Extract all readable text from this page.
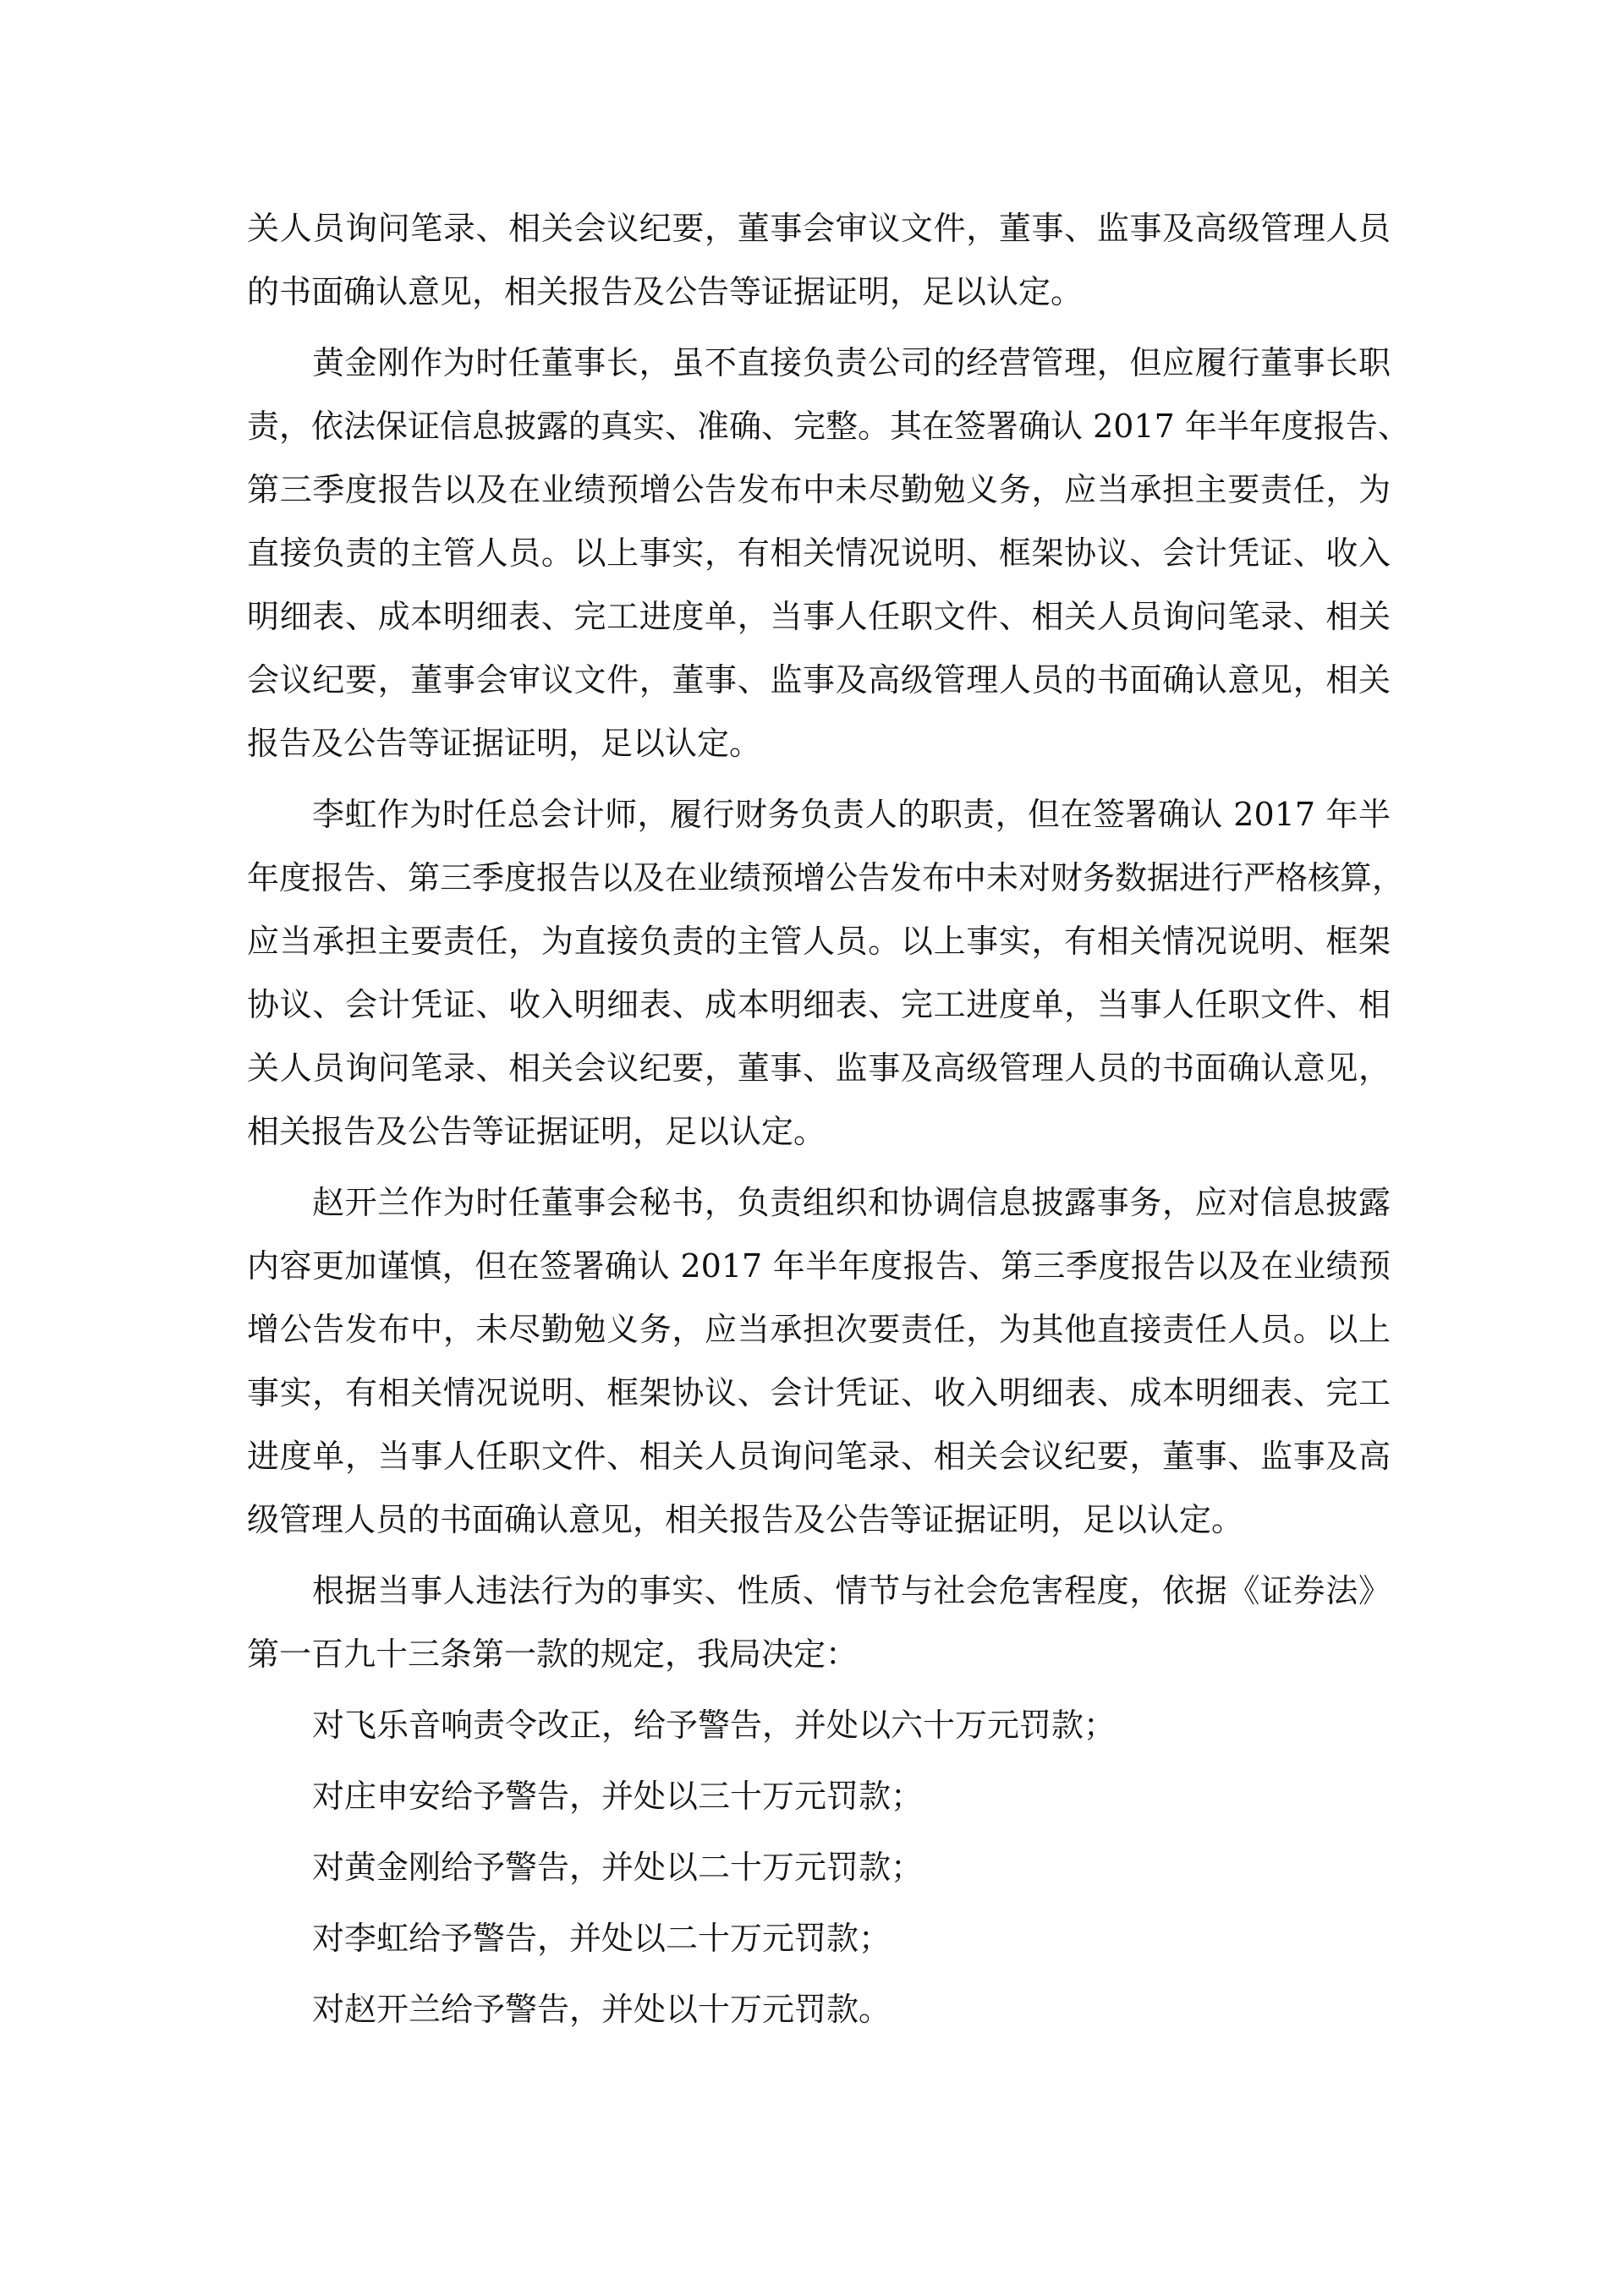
关人员询问笔录、相关会议纪要，董事会审议文件，董事、监事及高级管理人员
的书面确认意见，相关报告及公告等证据证明，足以认定。
黄金刚作为时任董事长，虽不直接负责公司的经营管理，但应履行董事长职
责，依法保证信息披露的真实、准确、完整。其在签署确认 2017 年半年度报告、
第三季度报告以及在业绩预增公告发布中未尽勤勉义务，应当承担主要责任，为
直接负责的主管人员。以上事实，有相关情况说明、框架协议、会计凭证、收入
明细表、成本明细表、完工进度单，当事人任职文件、相关人员询问笔录、相关
会议纪要，董事会审议文件，董事、监事及高级管理人员的书面确认意见，相关
报告及公告等证据证明，足以认定。
李虹作为时任总会计师，履行财务负责人的职责，但在签署确认 2017 年半
年度报告、第三季度报告以及在业绩预增公告发布中未对财务数据进行严格核算，
应当承担主要责任，为直接负责的主管人员。以上事实，有相关情况说明、框架
协议、会计凭证、收入明细表、成本明细表、完工进度单，当事人任职文件、相
关人员询问笔录、相关会议纪要，董事、监事及高级管理人员的书面确认意见，
相关报告及公告等证据证明，足以认定。
赵开兰作为时任董事会秘书，负责组织和协调信息披露事务，应对信息披露
内容更加谨慎，但在签署确认 2017 年半年度报告、第三季度报告以及在业绩预
增公告发布中，未尽勤勉义务，应当承担次要责任，为其他直接责任人员。以上
事实，有相关情况说明、框架协议、会计凭证、收入明细表、成本明细表、完工
进度单，当事人任职文件、相关人员询问笔录、相关会议纪要，董事、监事及高
级管理人员的书面确认意见，相关报告及公告等证据证明，足以认定。
根据当事人违法行为的事实、性质、情节与社会危害程度，依据《证券法》
第一百九十三条第一款的规定，我局决定：
对飞乐音响责令改正，给予警告，并处以六十万元罚款；
对庄申安给予警告，并处以三十万元罚款；
对黄金刚给予警告，并处以二十万元罚款；
对李虹给予警告，并处以二十万元罚款；
对赵开兰给予警告，并处以十万元罚款。
